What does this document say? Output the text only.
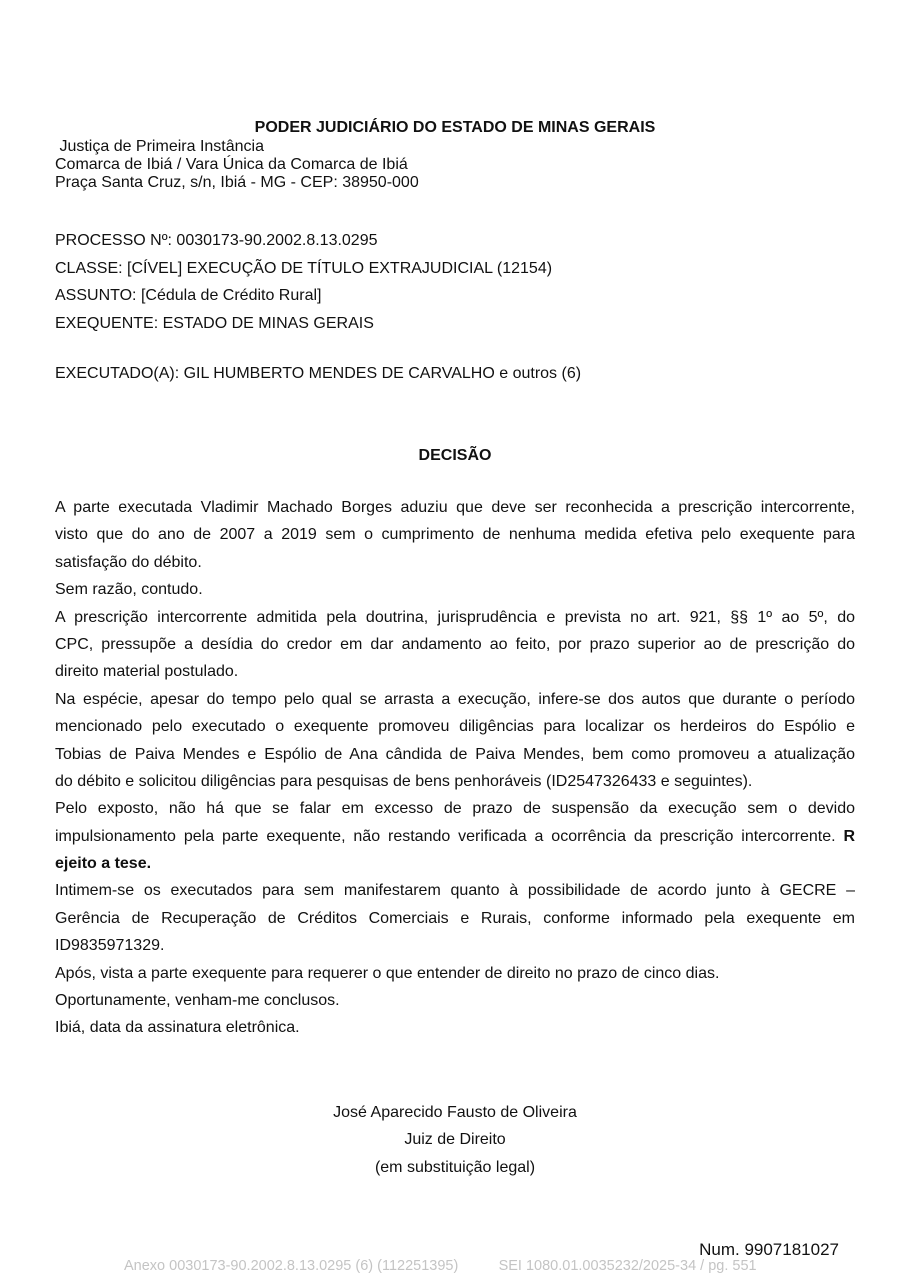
PODER JUDICIÁRIO DO ESTADO DE MINAS GERAIS
Justiça de Primeira Instância
Comarca de Ibiá / Vara Única da Comarca de Ibiá
Praça Santa Cruz, s/n, Ibiá - MG - CEP: 38950-000
PROCESSO Nº: 0030173-90.2002.8.13.0295
CLASSE: [CÍVEL] EXECUÇÃO DE TÍTULO EXTRAJUDICIAL (12154)
ASSUNTO: [Cédula de Crédito Rural]
EXEQUENTE: ESTADO DE MINAS GERAIS
EXECUTADO(A): GIL HUMBERTO MENDES DE CARVALHO e outros (6)
DECISÃO
A parte executada Vladimir Machado Borges aduziu que deve ser reconhecida a prescrição intercorrente,
visto que do ano de 2007 a 2019 sem o cumprimento de nenhuma medida efetiva pelo exequente para
satisfação do débito.
Sem razão, contudo.
A prescrição intercorrente admitida pela doutrina, jurisprudência e prevista no art. 921, §§ 1º ao 5º, do
CPC, pressupõe a desídia do credor em dar andamento ao feito, por prazo superior ao de prescrição do
direito material postulado.
Na espécie, apesar do tempo pelo qual se arrasta a execução, infere-se dos autos que durante o período
mencionado pelo executado o exequente promoveu diligências para localizar os herdeiros do Espólio e
Tobias de Paiva Mendes e Espólio de Ana cândida de Paiva Mendes, bem como promoveu a atualização
do débito e solicitou diligências para pesquisas de bens penhoráveis (ID2547326433 e seguintes).
Pelo exposto, não há que se falar em excesso de prazo de suspensão da execução sem o devido
impulsionamento pela parte exequente, não restando verificada a ocorrência da prescrição intercorrente. R
ejeito a tese.
Intimem-se os executados para sem manifestarem quanto à possibilidade de acordo junto à GECRE –
Gerência de Recuperação de Créditos Comerciais e Rurais, conforme informado pela exequente em
ID9835971329.
Após, vista a parte exequente para requerer o que entender de direito no prazo de cinco dias.
Oportunamente, venham-me conclusos.
Ibiá, data da assinatura eletrônica.
José Aparecido Fausto de Oliveira
Juiz de Direito
(em substituição legal)
Num. 9907181027
Anexo 0030173-90.2002.8.13.0295 (6) (112251395)          SEI 1080.01.0035232/2025-34 / pg. 551
